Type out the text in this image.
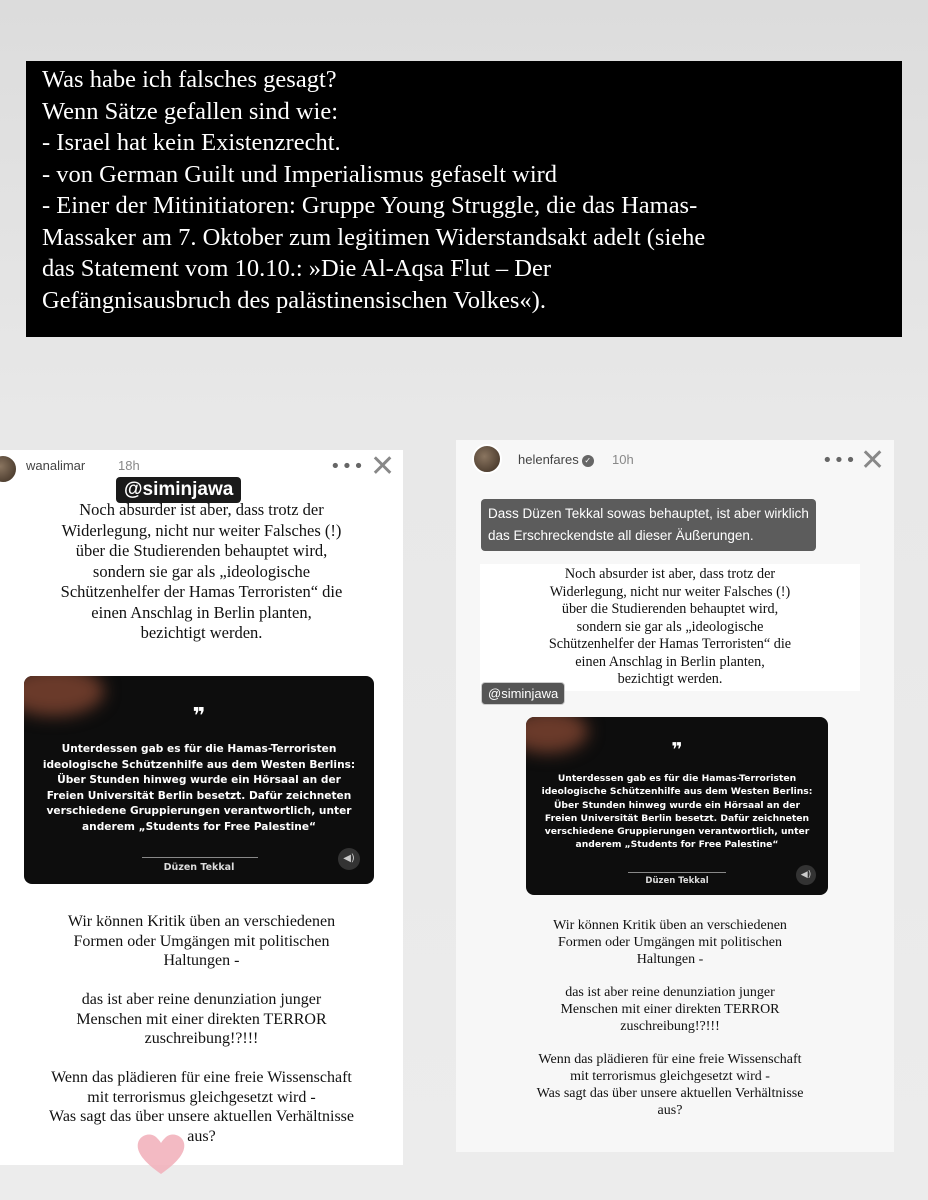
Was habe ich falsches gesagt?
Wenn Sätze gefallen sind wie:
- Israel hat kein Existenzrecht.
- von German Guilt und Imperialismus gefaselt wird
- Einer der Mitinitiatoren: Gruppe Young Struggle, die das Hamas-
Massaker am 7. Oktober zum legitimen Widerstandsakt adelt (siehe
das Statement vom 10.10.: »Die Al-Aqsa Flut – Der
Gefängnisausbruch des palästinensischen Volkes«).
wanalimar	18h	••• ✕
@siminjawa
Noch absurder ist aber, dass trotz der
Widerlegung, nicht nur weiter Falsches (!)
über die Studierenden behauptet wird,
sondern sie gar als „ideologische
Schützenhelfer der Hamas Terroristen“ die
einen Anschlag in Berlin planten,
bezichtigt werden.
❞
Unterdessen gab es für die Hamas-Terroristen
ideologische Schützenhilfe aus dem Westen Berlins:
Über Stunden hinweg wurde ein Hörsaal an der
Freien Universität Berlin besetzt. Dafür zeichneten
verschiedene Gruppierungen verantwortlich, unter
anderem „Students for Free Palestine“
Düzen Tekkal
◀)
Wir können Kritik üben an verschiedenen
Formen oder Umgängen mit politischen
Haltungen -
das ist aber reine denunziation junger
Menschen mit einer direkten TERROR
zuschreibung!?!!!
Wenn das plädieren für eine freie Wissenschaft
mit terrorismus gleichgesetzt wird -
Was sagt das über unsere aktuellen Verhältnisse
aus?
helenfares ✓ 10h	••• ✕
Dass Düzen Tekkal sowas behauptet, ist aber wirklich
das Erschreckendste all dieser Äußerungen.
Noch absurder ist aber, dass trotz der
Widerlegung, nicht nur weiter Falsches (!)
über die Studierenden behauptet wird,
sondern sie gar als „ideologische
Schützenhelfer der Hamas Terroristen“ die
einen Anschlag in Berlin planten,
bezichtigt werden.
@siminjawa
❞
Unterdessen gab es für die Hamas-Terroristen
ideologische Schützenhilfe aus dem Westen Berlins:
Über Stunden hinweg wurde ein Hörsaal an der
Freien Universität Berlin besetzt. Dafür zeichneten
verschiedene Gruppierungen verantwortlich, unter
anderem „Students for Free Palestine“
Düzen Tekkal
◀)
Wir können Kritik üben an verschiedenen
Formen oder Umgängen mit politischen
Haltungen -
das ist aber reine denunziation junger
Menschen mit einer direkten TERROR
zuschreibung!?!!!
Wenn das plädieren für eine freie Wissenschaft
mit terrorismus gleichgesetzt wird -
Was sagt das über unsere aktuellen Verhältnisse
aus?
